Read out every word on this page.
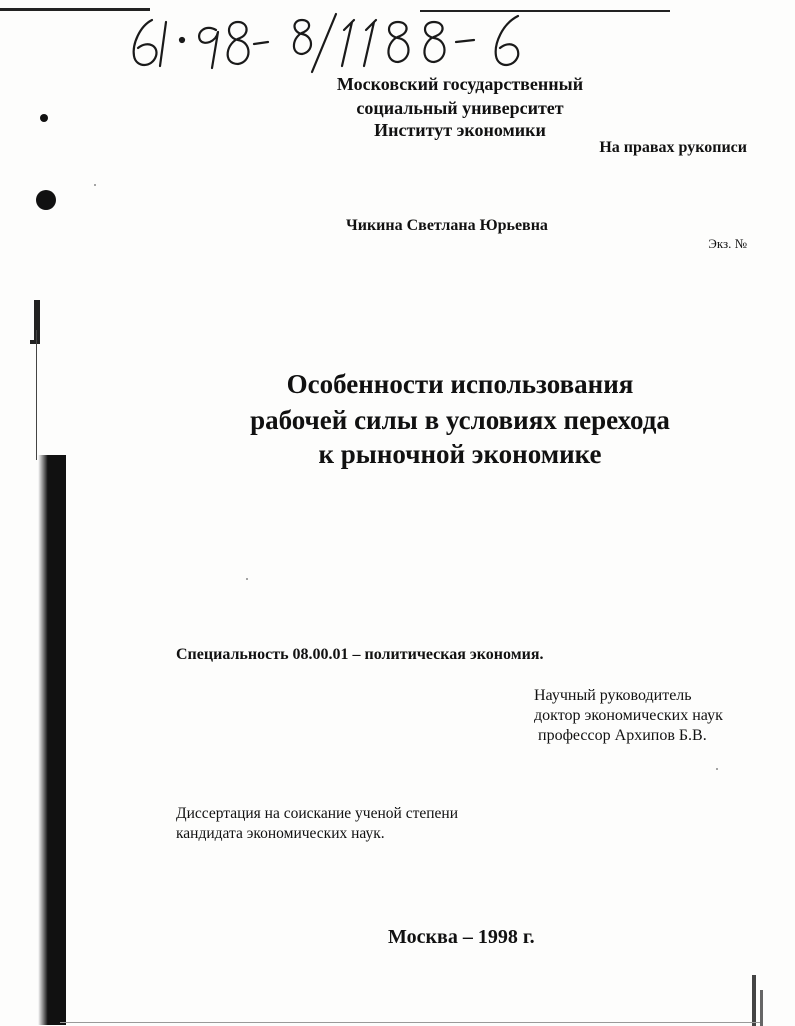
Московский государственный
социальный университет
Институт экономики
На правах рукописи
Чикина Светлана Юрьевна
Экз. №
Особенности использования
рабочей силы в условиях перехода
к рыночной экономике
Специальность 08.00.01 – политическая экономия.
Научный руководитель
доктор экономических наук
профессор Архипов Б.В.
Диссертация на соискание ученой степени
кандидата экономических наук.
Москва – 1998 г.
